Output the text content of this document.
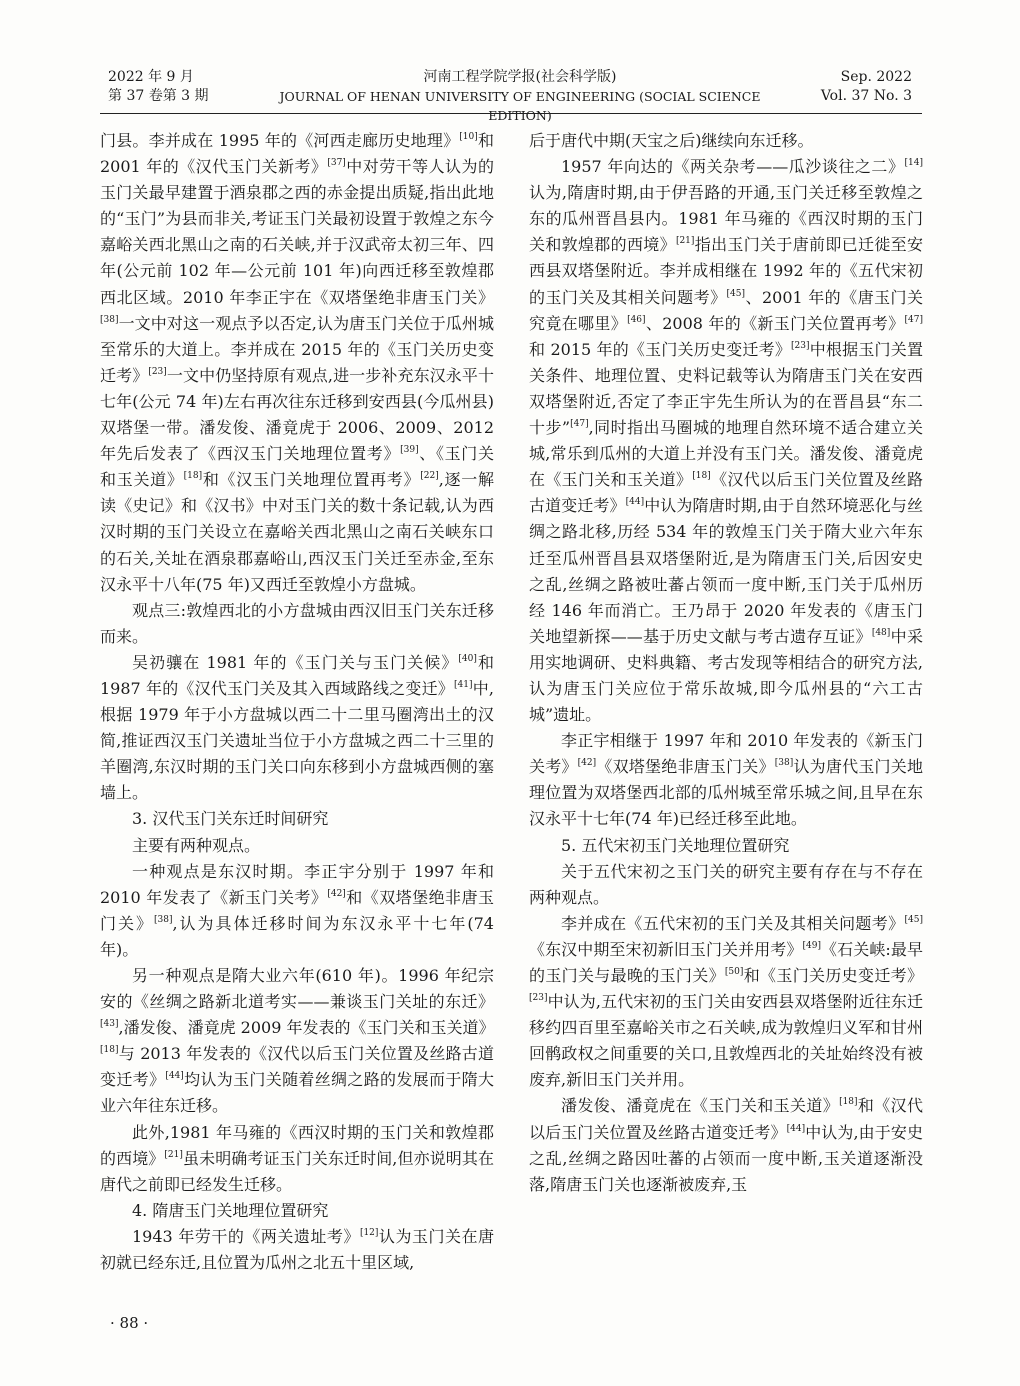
2022 年 9 月
第 37 卷第 3 期
河南工程学院学报(社会科学版)
JOURNAL OF HENAN UNIVERSITY OF ENGINEERING (SOCIAL SCIENCE EDITION)
Sep. 2022
Vol. 37 No. 3

门县。李并成在 1995 年的《河西走廊历史地理》[10]和 2001 年的《汉代玉门关新考》[37]中对劳干等人认为的玉门关最早建置于酒泉郡之西的赤金提出质疑,指出此地的“玉门”为县而非关,考证玉门关最初设置于敦煌之东今嘉峪关西北黑山之南的石关峡,并于汉武帝太初三年、四年(公元前 102 年—公元前 101 年)向西迁移至敦煌郡西北区域。2010 年李正宇在《双塔堡绝非唐玉门关》[38]一文中对这一观点予以否定,认为唐玉门关位于瓜州城至常乐的大道上。李并成在 2015 年的《玉门关历史变迁考》[23]一文中仍坚持原有观点,进一步补充东汉永平十七年(公元 74 年)左右再次往东迁移到安西县(今瓜州县)双塔堡一带。潘发俊、潘竟虎于 2006、2009、2012 年先后发表了《西汉玉门关地理位置考》[39]、《玉门关和玉关道》[18]和《汉玉门关地理位置再考》[22],逐一解读《史记》和《汉书》中对玉门关的数十条记载,认为西汉时期的玉门关设立在嘉峪关西北黑山之南石关峡东口的石关,关址在酒泉郡嘉峪山,西汉玉门关迁至赤金,至东汉永平十八年(75 年)又西迁至敦煌小方盘城。

观点三:敦煌西北的小方盘城由西汉旧玉门关东迁移而来。

吴礽骧在 1981 年的《玉门关与玉门关候》[40]和 1987 年的《汉代玉门关及其入西域路线之变迁》[41]中,根据 1979 年于小方盘城以西二十二里马圈湾出土的汉简,推证西汉玉门关遗址当位于小方盘城之西二十三里的羊圈湾,东汉时期的玉门关口向东移到小方盘城西侧的塞墙上。

3. 汉代玉门关东迁时间研究

主要有两种观点。

一种观点是东汉时期。李正宇分别于 1997 年和 2010 年发表了《新玉门关考》[42]和《双塔堡绝非唐玉门关》[38],认为具体迁移时间为东汉永平十七年(74 年)。

另一种观点是隋大业六年(610 年)。1996 年纪宗安的《丝绸之路新北道考实——兼谈玉门关址的东迁》[43],潘发俊、潘竟虎 2009 年发表的《玉门关和玉关道》[18]与 2013 年发表的《汉代以后玉门关位置及丝路古道变迁考》[44]均认为玉门关随着丝绸之路的发展而于隋大业六年往东迁移。

此外,1981 年马雍的《西汉时期的玉门关和敦煌郡的西境》[21]虽未明确考证玉门关东迁时间,但亦说明其在唐代之前即已经发生迁移。

4. 隋唐玉门关地理位置研究

1943 年劳干的《两关遗址考》[12]认为玉门关在唐初就已经东迁,且位置为瓜州之北五十里区域,

后于唐代中期(天宝之后)继续向东迁移。

1957 年向达的《两关杂考——瓜沙谈往之二》[14]认为,隋唐时期,由于伊吾路的开通,玉门关迁移至敦煌之东的瓜州晋昌县内。1981 年马雍的《西汉时期的玉门关和敦煌郡的西境》[21]指出玉门关于唐前即已迁徙至安西县双塔堡附近。李并成相继在 1992 年的《五代宋初的玉门关及其相关问题考》[45]、2001 年的《唐玉门关究竟在哪里》[46]、2008 年的《新玉门关位置再考》[47]和 2015 年的《玉门关历史变迁考》[23]中根据玉门关置关条件、地理位置、史料记载等认为隋唐玉门关在安西双塔堡附近,否定了李正宇先生所认为的在晋昌县“东二十步”[47],同时指出马圈城的地理自然环境不适合建立关城,常乐到瓜州的大道上并没有玉门关。潘发俊、潘竟虎在《玉门关和玉关道》[18]《汉代以后玉门关位置及丝路古道变迁考》[44]中认为隋唐时期,由于自然环境恶化与丝绸之路北移,历经 534 年的敦煌玉门关于隋大业六年东迁至瓜州晋昌县双塔堡附近,是为隋唐玉门关,后因安史之乱,丝绸之路被吐蕃占领而一度中断,玉门关于瓜州历经 146 年而消亡。王乃昂于 2020 年发表的《唐玉门关地望新探——基于历史文献与考古遗存互证》[48]中采用实地调研、史料典籍、考古发现等相结合的研究方法,认为唐玉门关应位于常乐故城,即今瓜州县的“六工古城”遗址。

李正宇相继于 1997 年和 2010 年发表的《新玉门关考》[42]《双塔堡绝非唐玉门关》[38]认为唐代玉门关地理位置为双塔堡西北部的瓜州城至常乐城之间,且早在东汉永平十七年(74 年)已经迁移至此地。

5. 五代宋初玉门关地理位置研究

关于五代宋初之玉门关的研究主要有存在与不存在两种观点。

李并成在《五代宋初的玉门关及其相关问题考》[45]《东汉中期至宋初新旧玉门关并用考》[49]《石关峡:最早的玉门关与最晚的玉门关》[50]和《玉门关历史变迁考》[23]中认为,五代宋初的玉门关由安西县双塔堡附近往东迁移约四百里至嘉峪关市之石关峡,成为敦煌归义军和甘州回鹘政权之间重要的关口,且敦煌西北的关址始终没有被废弃,新旧玉门关并用。

潘发俊、潘竟虎在《玉门关和玉关道》[18]和《汉代以后玉门关位置及丝路古道变迁考》[44]中认为,由于安史之乱,丝绸之路因吐蕃的占领而一度中断,玉关道逐渐没落,隋唐玉门关也逐渐被废弃,玉

· 88 ·
